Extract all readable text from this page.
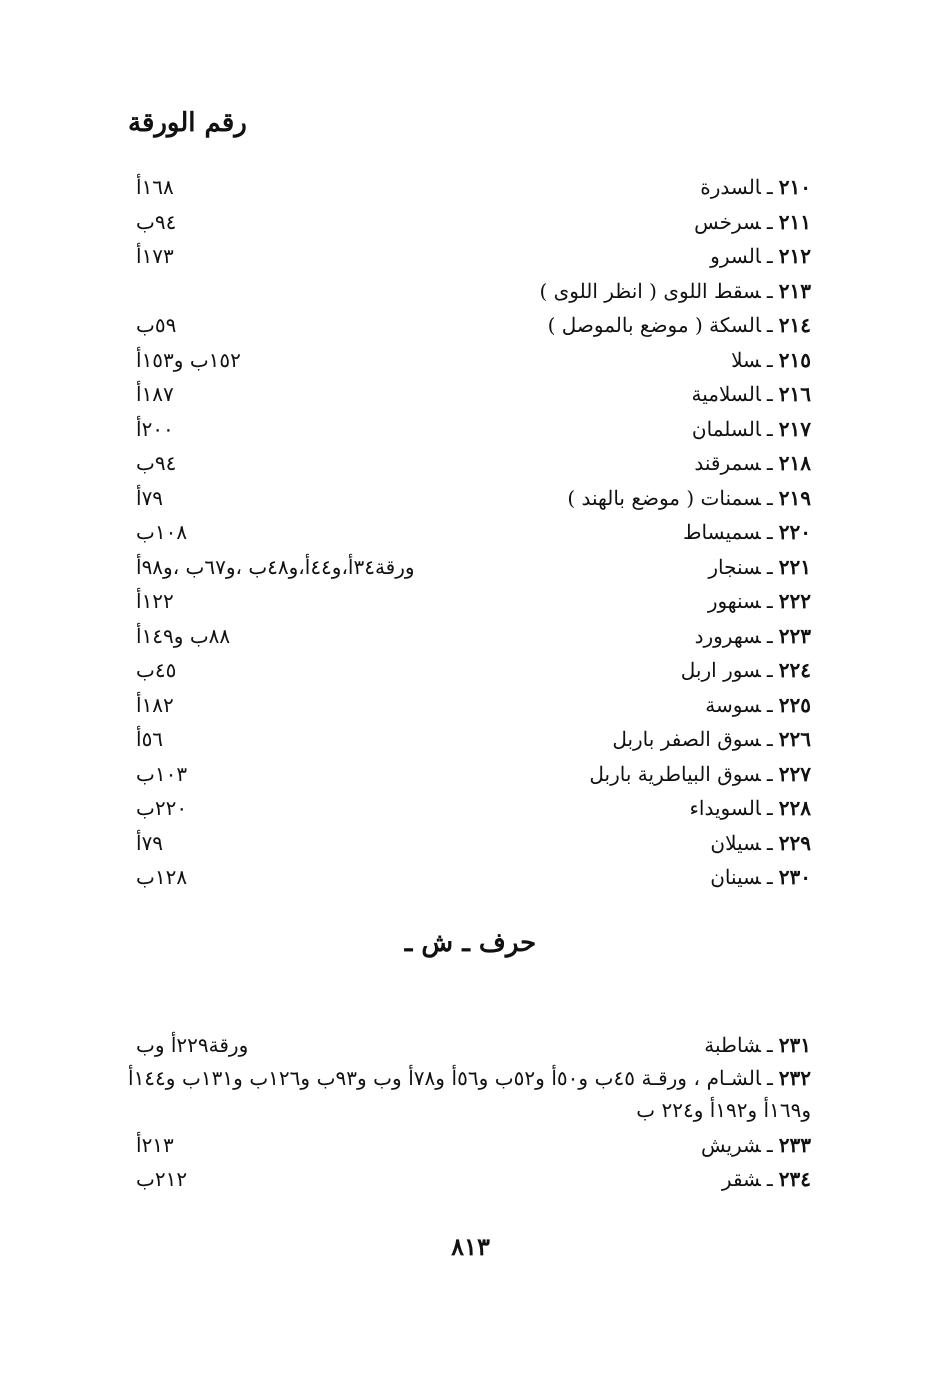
رقم الورقة
٢١٠ـالسدرة
١٦٨أ
٢١١ـسرخس
٩٤ب
٢١٢ـالسرو
١٧٣أ
٢١٣ـسقط اللوى ( انظر اللوى )
٢١٤ـالسكة ( موضع بالموصل )
٥٩ب
٢١٥ـسلا
١٥٢ب و١٥٣أ
٢١٦ـالسلامية
١٨٧أ
٢١٧ـالسلمان
٢٠٠أ
٢١٨ـسمرقند
٩٤ب
٢١٩ـسمنات ( موضع بالهند )
٧٩أ
٢٢٠ـسميساط
١٠٨ب
٢٢١ـسنجار
ورقة٣٤أ،و٤٤أ،و٤٨ب ،و٦٧ب ،و٩٨أ
٢٢٢ـسنهور
١٢٢أ
٢٢٣ـسهرورد
٨٨ب و١٤٩أ
٢٢٤ـسور اربل
٤٥ب
٢٢٥ـسوسة
١٨٢أ
٢٢٦ـسوق الصفر باربل
٥٦أ
٢٢٧ـسوق البياطرية باربل
١٠٣ب
٢٢٨ـالسويداء
٢٢٠ب
٢٢٩ـسيلان
٧٩أ
٢٣٠ـسينان
١٢٨ب
حرف ـ ش ـ
٢٣١ـشاطبة
ورقة٢٢٩أ وب
٢٣٢ـالشـام ، ورقـة ٤٥ب و٥٠أ و٥٢ب و٥٦أ و٧٨أ وب و٩٣ب و١٢٦ب و١٣١ب و١٤٤أ و١٦٩أ و١٩٢أ و٢٢٤ ب
٢٣٣ـشريش
٢١٣أ
٢٣٤ـشقر
٢١٢ب
٨١٣
